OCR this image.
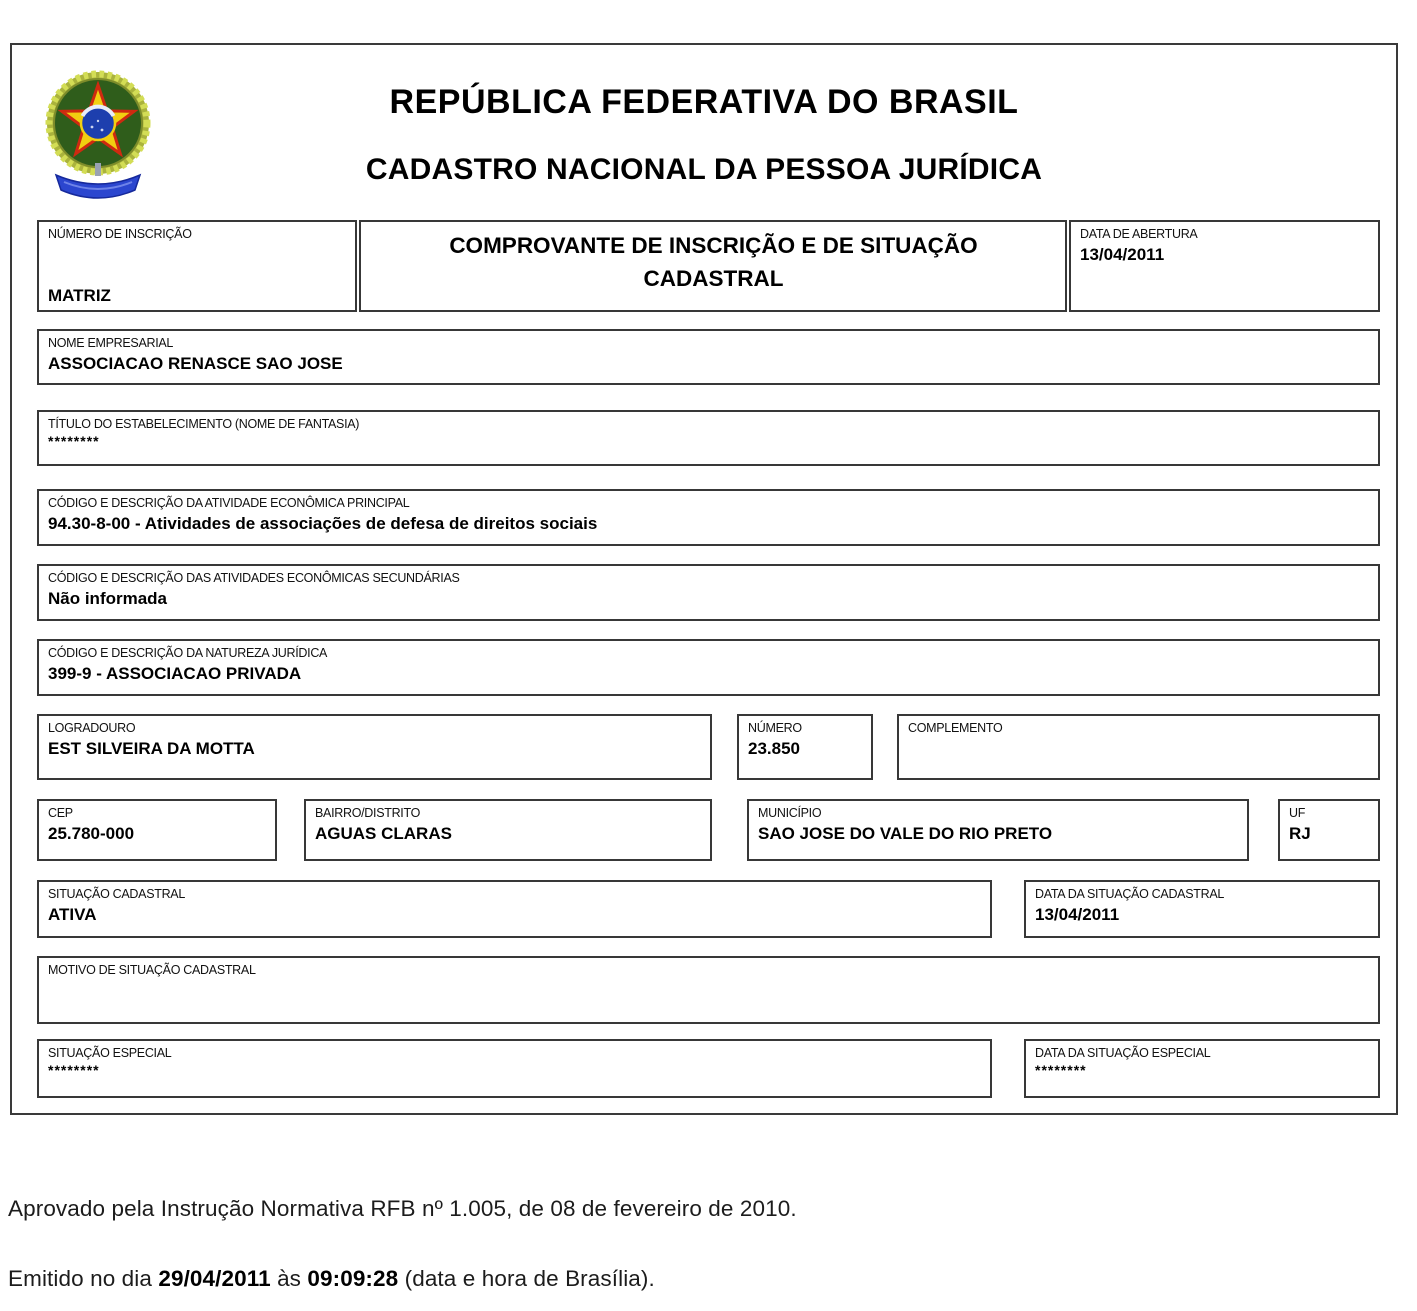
REPÚBLICA FEDERATIVA DO BRASIL
CADASTRO NACIONAL DA PESSOA JURÍDICA
NÚMERO DE INSCRIÇÃO
MATRIZ
COMPROVANTE DE INSCRIÇÃO E DE SITUAÇÃO
CADASTRAL
DATA DE ABERTURA
13/04/2011
NOME EMPRESARIAL
ASSOCIACAO RENASCE SAO JOSE
TÍTULO DO ESTABELECIMENTO (NOME DE FANTASIA)
********
CÓDIGO E DESCRIÇÃO DA ATIVIDADE ECONÔMICA PRINCIPAL
94.30-8-00 - Atividades de associações de defesa de direitos sociais
CÓDIGO E DESCRIÇÃO DAS ATIVIDADES ECONÔMICAS SECUNDÁRIAS
Não informada
CÓDIGO E DESCRIÇÃO DA NATUREZA JURÍDICA
399-9 - ASSOCIACAO PRIVADA
LOGRADOURO
EST SILVEIRA DA MOTTA
NÚMERO
23.850
COMPLEMENTO
CEP
25.780-000
BAIRRO/DISTRITO
AGUAS CLARAS
MUNICÍPIO
SAO JOSE DO VALE DO RIO PRETO
UF
RJ
SITUAÇÃO CADASTRAL
ATIVA
DATA DA SITUAÇÃO CADASTRAL
13/04/2011
MOTIVO DE SITUAÇÃO CADASTRAL
SITUAÇÃO ESPECIAL
********
DATA DA SITUAÇÃO ESPECIAL
********
Aprovado pela Instrução Normativa RFB nº 1.005, de 08 de fevereiro de 2010.
Emitido no dia 29/04/2011 às 09:09:28 (data e hora de Brasília).
